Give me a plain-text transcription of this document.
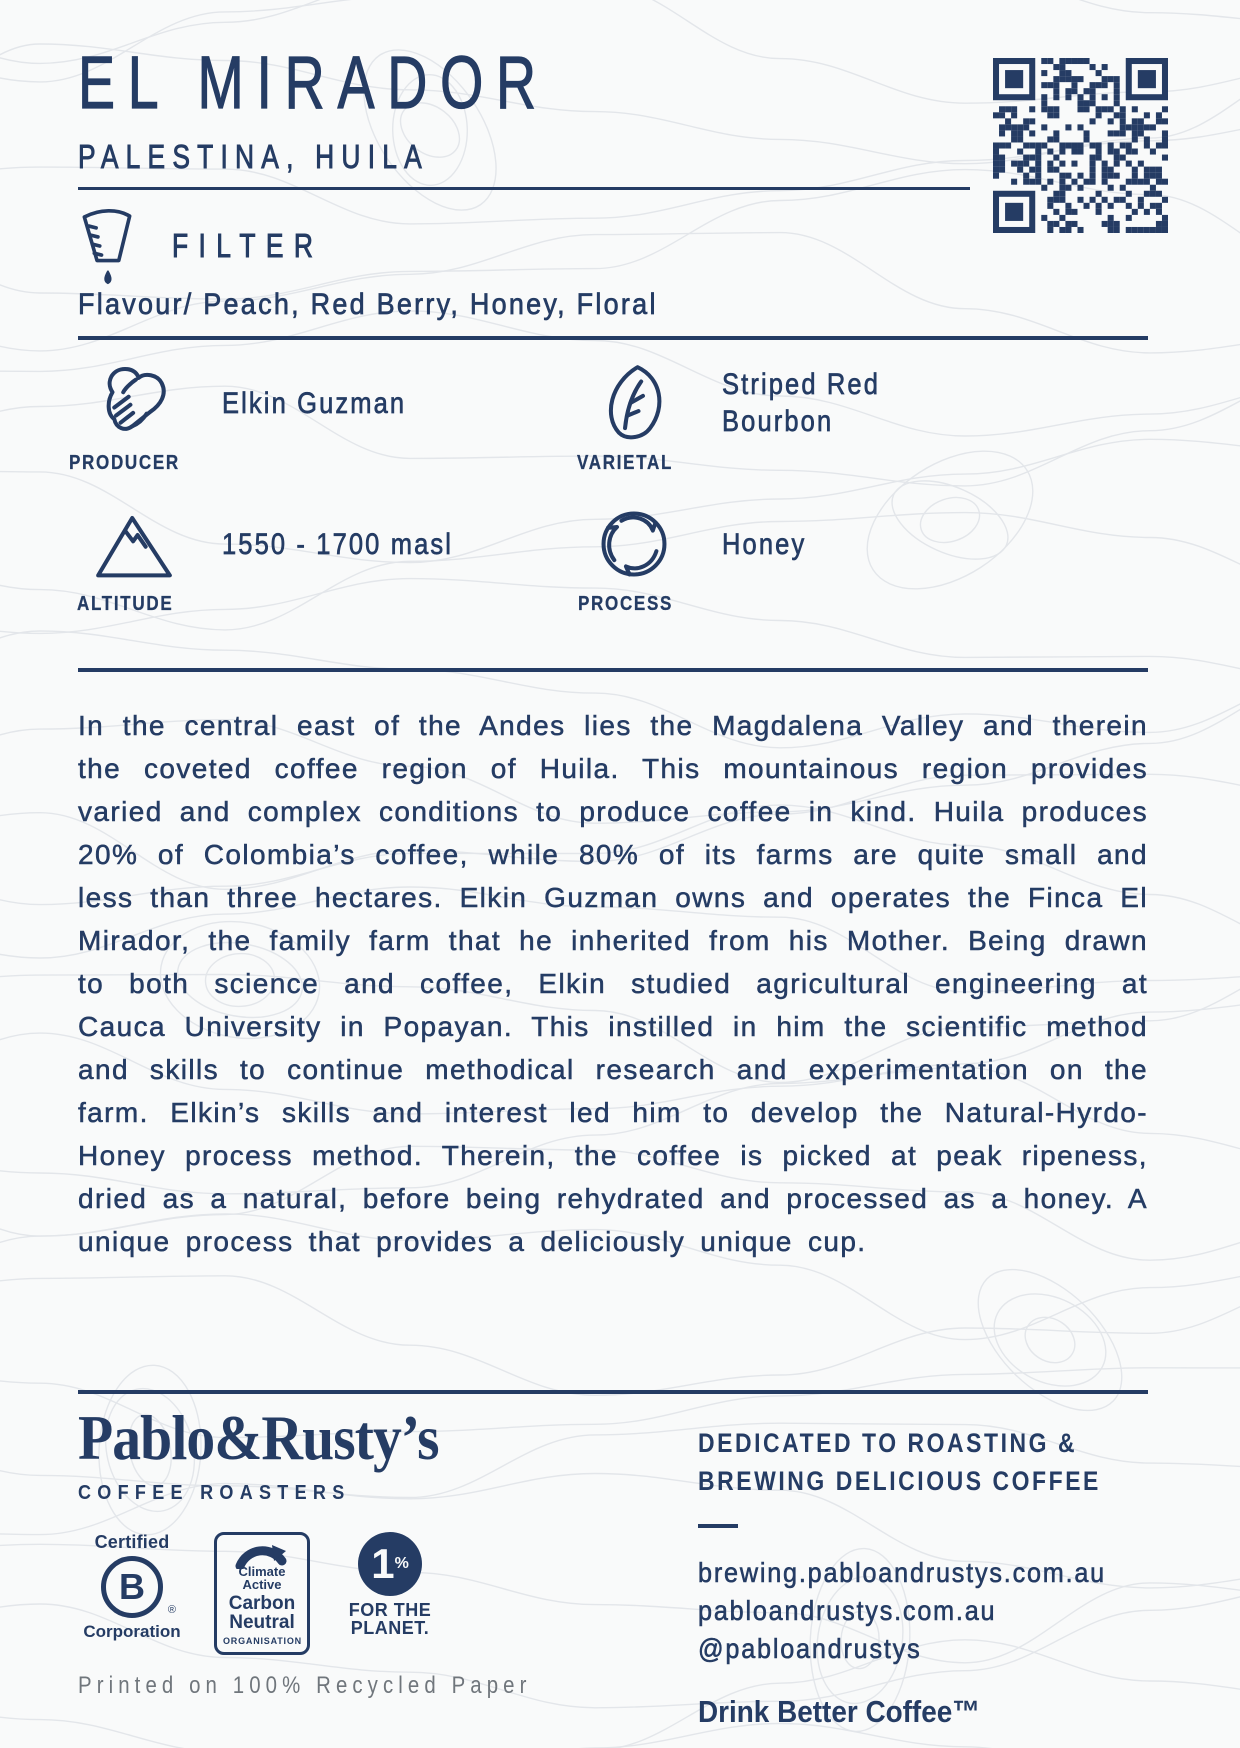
EL MIRADOR
PALESTINA, HUILA
FILTER
Flavour/ Peach, Red Berry, Honey, Floral
PRODUCER
Elkin Guzman
VARIETAL
Striped Red Bourbon
ALTITUDE
1550 - 1700 masl
PROCESS
Honey
In the central east of the Andes lies the Magdalena Valley and therein the coveted coffee region of Huila. This mountainous region provides varied and complex conditions to produce coffee in kind. Huila produces 20% of Colombia’s coffee, while 80% of its farms are quite small and less than three hectares. Elkin Guzman owns and operates the Finca El Mirador, the family farm that he inherited from his Mother. Being drawn to both science and coffee, Elkin studied agricultural engineering at Cauca University in Popayan. This instilled in him the scientific method and skills to continue methodical research and experimentation on the farm. Elkin’s skills and interest led him to develop the Natural-Hyrdo-Honey process method. Therein, the coffee is picked at peak ripeness, dried as a natural, before being rehydrated and processed as a honey. A unique process that provides a deliciously unique cup.
Pablo&Rusty’s
COFFEE ROASTERS
Certified
B
®
Corporation
Climate
Active
Carbon
Neutral
ORGANISATION
1 %
FOR THE
PLANET.
Printed on 100% Recycled Paper
DEDICATED TO ROASTING &
BREWING DELICIOUS COFFEE
brewing.pabloandrustys.com.au
pabloandrustys.com.au
@pabloandrustys
Drink Better Coffee™
